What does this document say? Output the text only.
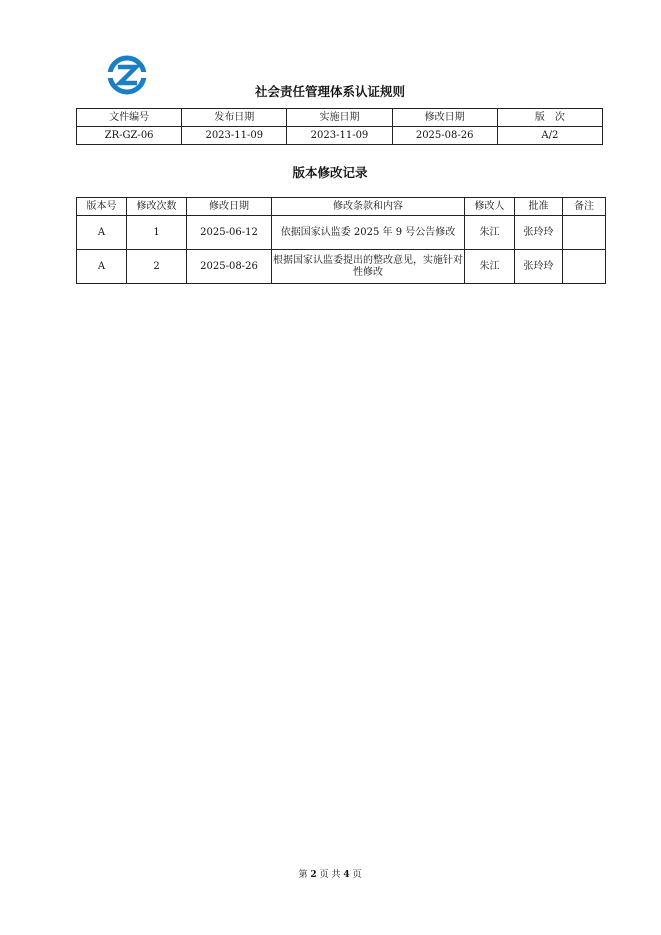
社会责任管理体系认证规则
文件编号	发布日期	实施日期	修改日期	版　次
ZR-GZ-06	2023-11-09	2023-11-09	2025-08-26	A/2
版本修改记录
版本号	修改次数	修改日期	修改条款和内容	修改人	批准	备注
A	1	2025-06-12	依据国家认监委 2025 年 9 号公告修改	朱江	张玲玲	
A	2	2025-08-26	根据国家认监委提出的整改意见，实施针对性修改	朱江	张玲玲	
第 2 页 共 4 页
